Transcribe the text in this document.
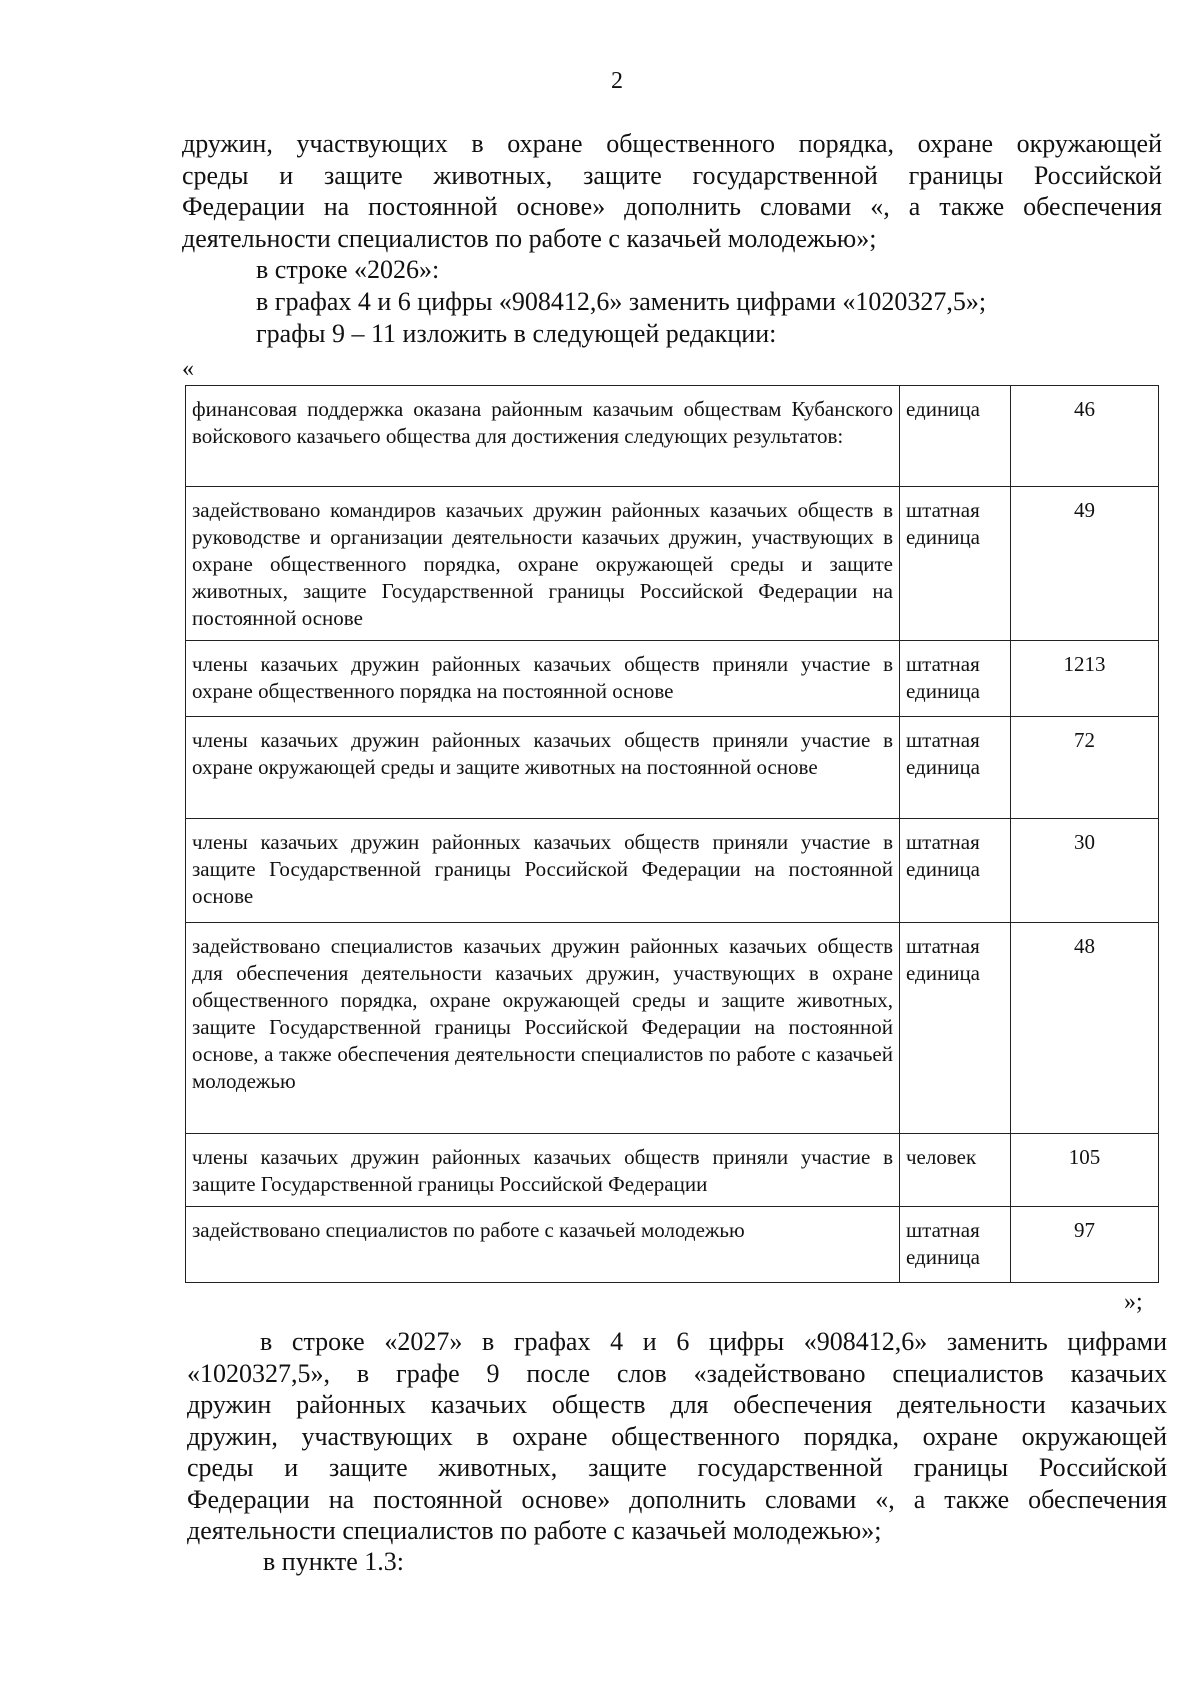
2
дружин, участвующих в охране общественного порядка, охране окружающей
среды и защите животных, защите государственной границы Российской
Федерации на постоянной основе» дополнить словами «, а также обеспечения
деятельности специалистов по работе с казачьей молодежью»;
в строке «2026»:
в графах 4 и 6 цифры «908412,6» заменить цифрами «1020327,5»;
графы 9 – 11 изложить в следующей редакции:
«
финансовая поддержка оказана районным казачьим обществам Кубанского войскового казачьего общества для достижения следующих результатов:	единица	46
задействовано командиров казачьих дружин районных казачьих обществ в руководстве и организации деятельности казачьих дружин, участвующих в охране общественного порядка, охране окружающей среды и защите животных, защите Государственной границы Российской Федерации на постоянной основе	штатная единица	49
члены казачьих дружин районных казачьих обществ приняли участие в охране общественного порядка на постоянной основе	штатная единица	1213
члены казачьих дружин районных казачьих обществ приняли участие в охране окружающей среды и защите животных на постоянной основе	штатная единица	72
члены казачьих дружин районных казачьих обществ приняли участие в защите Государственной границы Российской Федерации на постоянной основе	штатная единица	30
задействовано специалистов казачьих дружин районных казачьих обществ для обеспечения деятельности казачьих дружин, участвующих в охране общественного порядка, охране окружающей среды и защите животных, защите Государственной границы Российской Федерации на постоянной основе, а также обеспечения деятельности специалистов по работе с казачьей молодежью	штатная единица	48
члены казачьих дружин районных казачьих обществ приняли участие в защите Государственной границы Российской Федерации	человек	105
задействовано специалистов по работе с казачьей молодежью	штатная единица	97
»;
в строке «2027» в графах 4 и 6 цифры «908412,6» заменить цифрами
«1020327,5», в графе 9 после слов «задействовано специалистов казачьих
дружин районных казачьих обществ для обеспечения деятельности казачьих
дружин, участвующих в охране общественного порядка, охране окружающей
среды и защите животных, защите государственной границы Российской
Федерации на постоянной основе» дополнить словами «, а также обеспечения
деятельности специалистов по работе с казачьей молодежью»;
в пункте 1.3:
